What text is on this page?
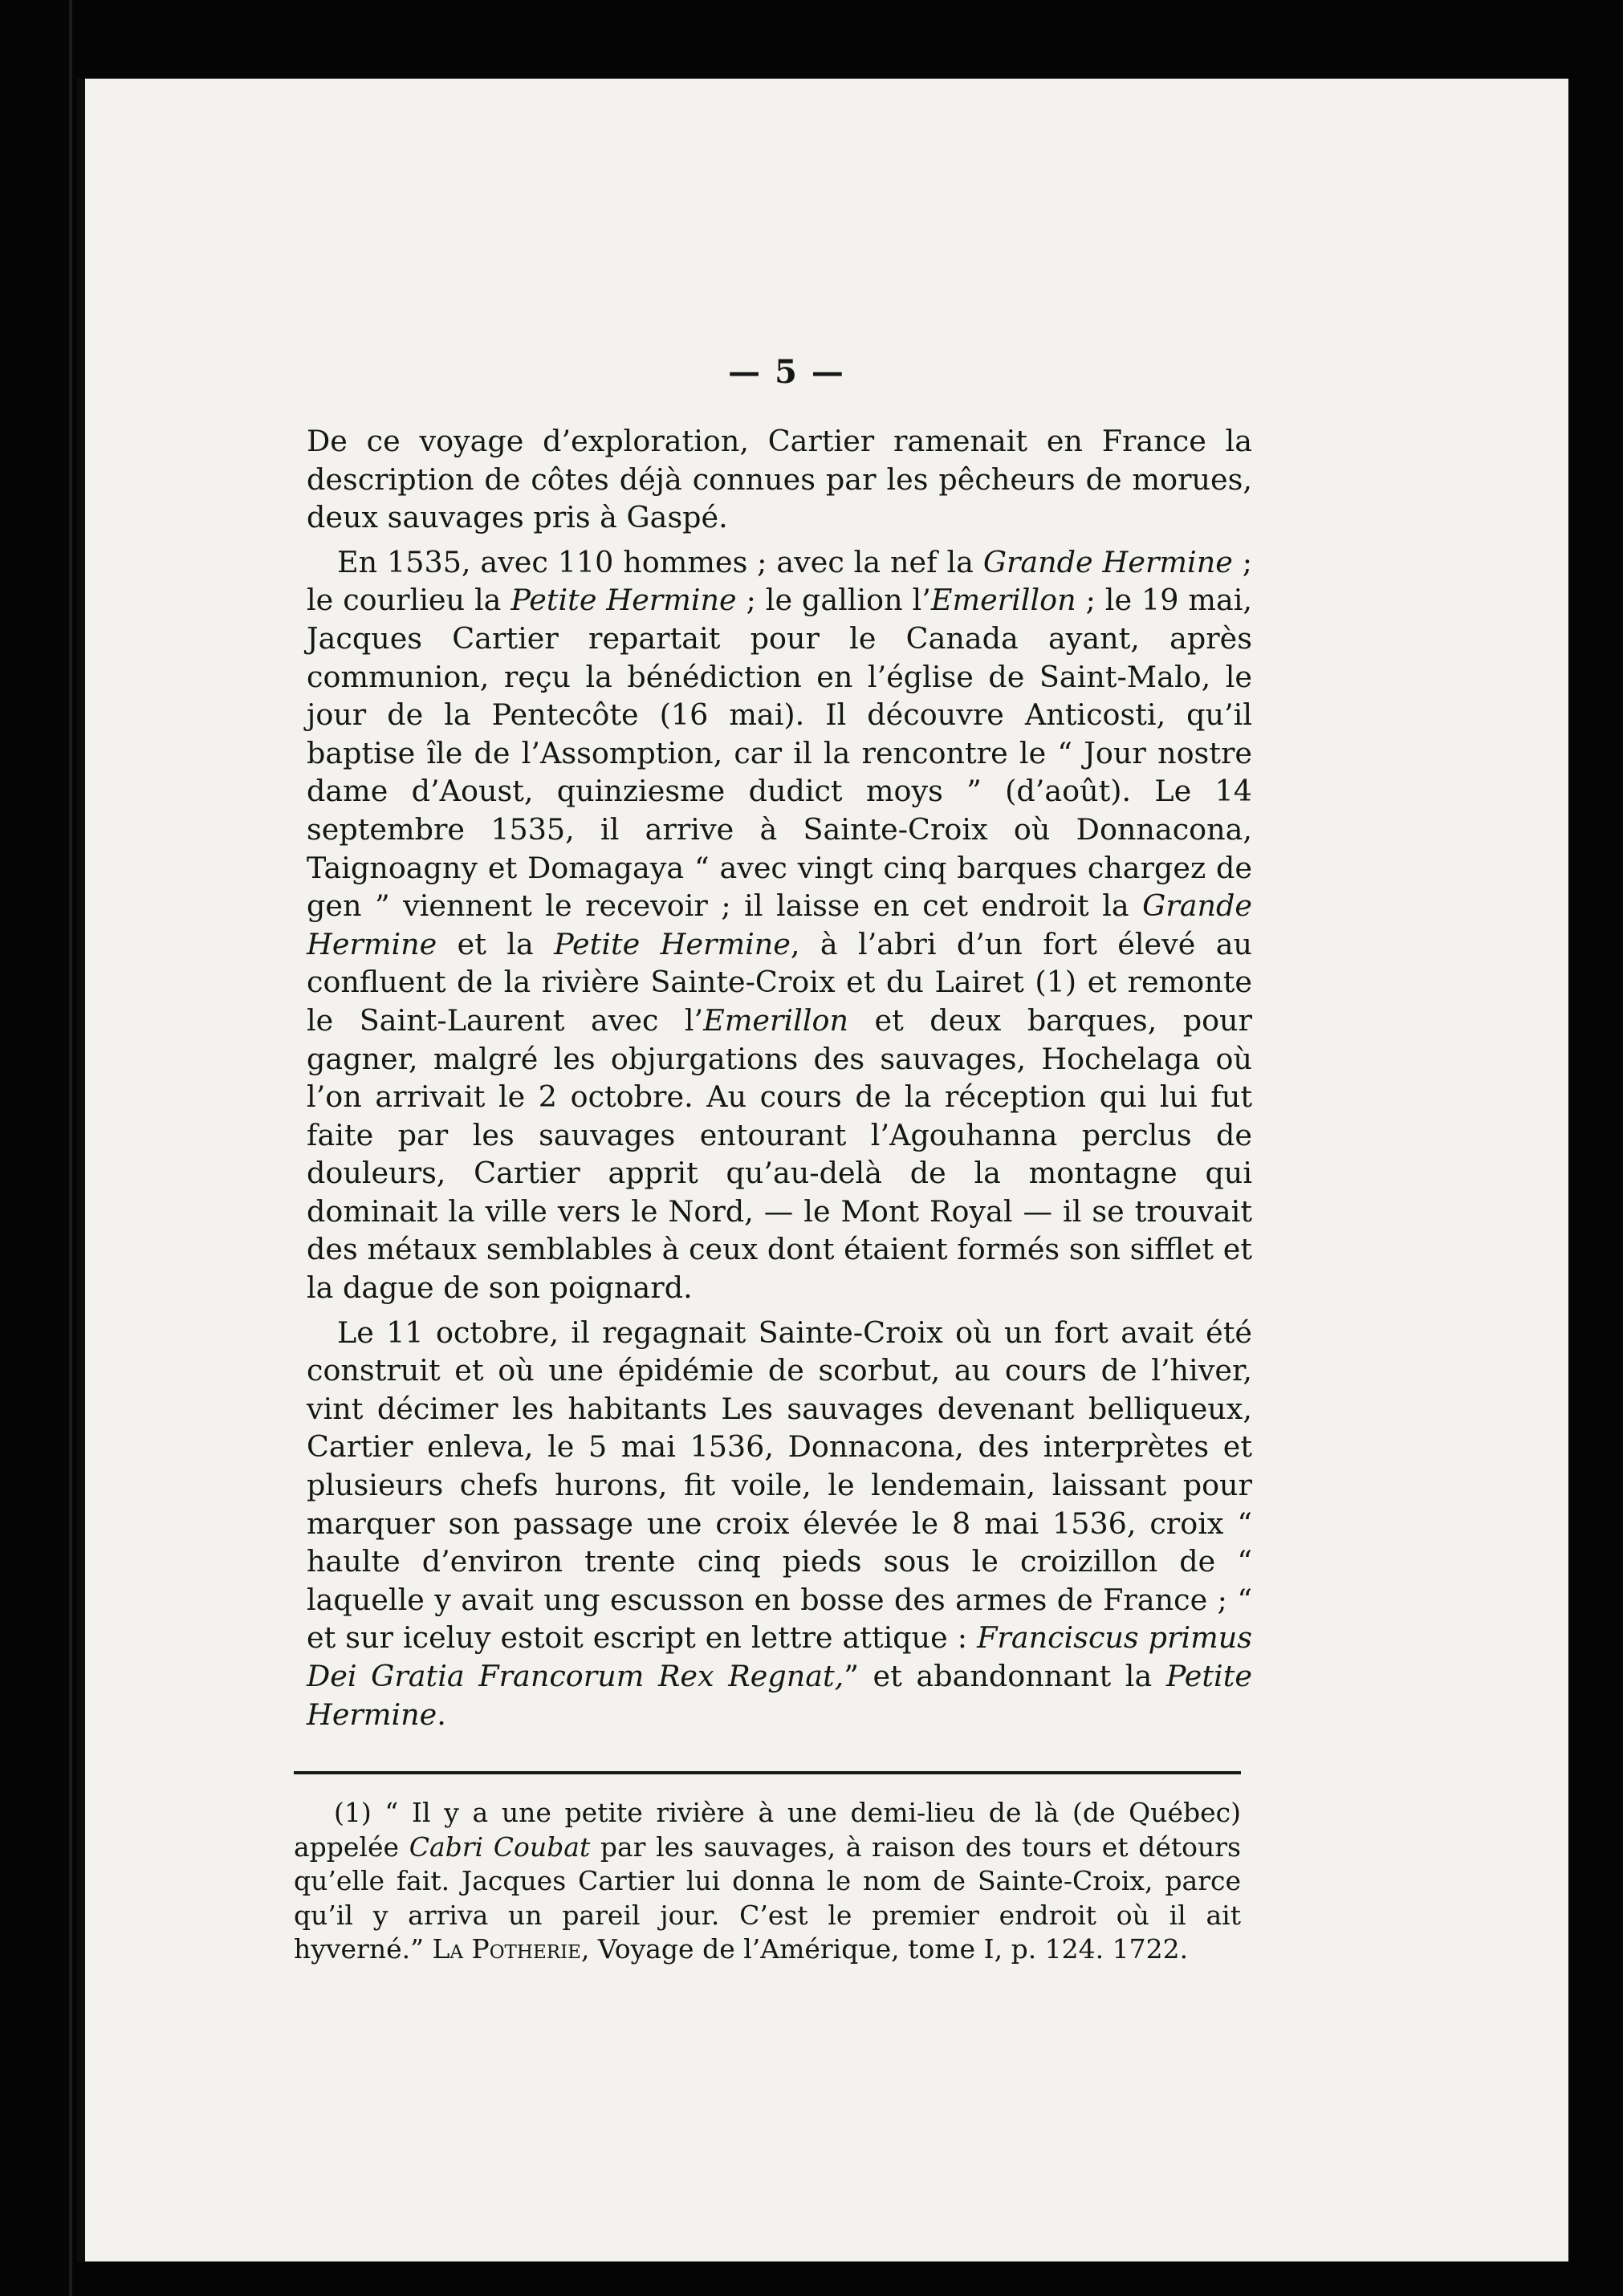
— 5 —

De ce voyage d’exploration, Cartier ramenait en France la description de côtes déjà connues par les pêcheurs de morues, deux sauvages pris à Gaspé.

En 1535, avec 110 hommes ; avec la nef la Grande Hermine ; le courlieu la Petite Hermine ; le gallion l’Emerillon ; le 19 mai, Jacques Cartier repartait pour le Canada ayant, après communion, reçu la bénédiction en l’église de Saint-Malo, le jour de la Pentecôte (16 mai). Il découvre Anticosti, qu’il baptise île de l’Assomption, car il la rencontre le “ Jour nostre dame d’Aoust, quinziesme dudict moys ” (d’août). Le 14 septembre 1535, il arrive à Sainte-Croix où Donnacona, Taignoagny et Domagaya “ avec vingt cinq barques chargez de gen ” viennent le recevoir ; il laisse en cet endroit la Grande Hermine et la Petite Hermine, à l’abri d’un fort élevé au confluent de la rivière Sainte-Croix et du Lairet (1) et remonte le Saint-Laurent avec l’Emerillon et deux barques, pour gagner, malgré les objurgations des sauvages, Hochelaga où l’on arrivait le 2 octobre. Au cours de la réception qui lui fut faite par les sauvages entourant l’Agouhanna perclus de douleurs, Cartier apprit qu’au-delà de la montagne qui dominait la ville vers le Nord, — le Mont Royal — il se trouvait des métaux semblables à ceux dont étaient formés son sifflet et la dague de son poignard.

Le 11 octobre, il regagnait Sainte-Croix où un fort avait été construit et où une épidémie de scorbut, au cours de l’hiver, vint décimer les habitants Les sauvages devenant belliqueux, Cartier enleva, le 5 mai 1536, Donnacona, des interprètes et plusieurs chefs hurons, fit voile, le lendemain, laissant pour marquer son passage une croix élevée le 8 mai 1536, croix “ haulte d’environ trente cinq pieds sous le croizillon de “ laquelle y avait ung escusson en bosse des armes de France ; “ et sur iceluy estoit escript en lettre attique : Franciscus primus Dei Gratia Francorum Rex Regnat,” et abandonnant la Petite Hermine.

(1) “ Il y a une petite rivière à une demi-lieu de là (de Québec) appelée Cabri Coubat par les sauvages, à raison des tours et détours qu’elle fait. Jacques Cartier lui donna le nom de Sainte-Croix, parce qu’il y arriva un pareil jour. C’est le premier endroit où il ait hyverné.” La Potherie, Voyage de l’Amérique, tome I, p. 124. 1722.
